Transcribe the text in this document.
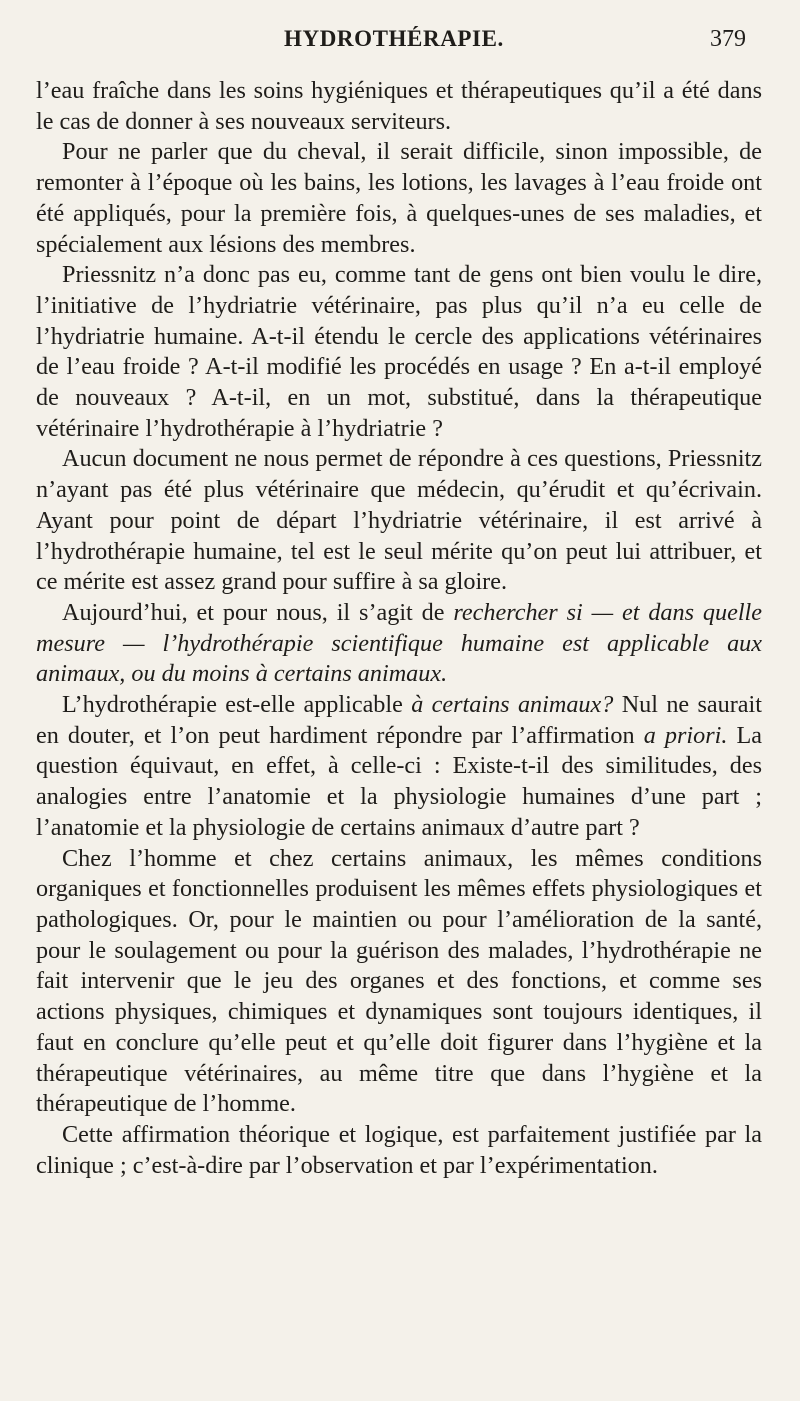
HYDROTHÉRAPIE.	379

l’eau fraîche dans les soins hygiéniques et thérapeutiques qu’il a été dans le cas de donner à ses nouveaux serviteurs.

Pour ne parler que du cheval, il serait difficile, sinon impossible, de remonter à l’époque où les bains, les lotions, les lavages à l’eau froide ont été appliqués, pour la première fois, à quelques-unes de ses maladies, et spécialement aux lésions des membres.

Priessnitz n’a donc pas eu, comme tant de gens ont bien voulu le dire, l’initiative de l’hydriatrie vétérinaire, pas plus qu’il n’a eu celle de l’hydriatrie humaine. A-t-il étendu le cercle des applications vétérinaires de l’eau froide ? A-t-il modifié les procédés en usage ? En a-t-il employé de nouveaux ? A-t-il, en un mot, substitué, dans la thérapeutique vétérinaire l’hydrothérapie à l’hydriatrie ?

Aucun document ne nous permet de répondre à ces questions, Priessnitz n’ayant pas été plus vétérinaire que médecin, qu’érudit et qu’écrivain. Ayant pour point de départ l’hydriatrie vétérinaire, il est arrivé à l’hydrothérapie humaine, tel est le seul mérite qu’on peut lui attribuer, et ce mérite est assez grand pour suffire à sa gloire.

Aujourd’hui, et pour nous, il s’agit de rechercher si — et dans quelle mesure — l’hydrothérapie scientifique humaine est applicable aux animaux, ou du moins à certains animaux.

L’hydrothérapie est-elle applicable à certains animaux? Nul ne saurait en douter, et l’on peut hardiment répondre par l’affirmation a priori. La question équivaut, en effet, à celle-ci : Existe-t-il des similitudes, des analogies entre l’anatomie et la physiologie humaines d’une part ; l’anatomie et la physiologie de certains animaux d’autre part ?

Chez l’homme et chez certains animaux, les mêmes conditions organiques et fonctionnelles produisent les mêmes effets physiologiques et pathologiques. Or, pour le maintien ou pour l’amélioration de la santé, pour le soulagement ou pour la guérison des malades, l’hydrothérapie ne fait intervenir que le jeu des organes et des fonctions, et comme ses actions physiques, chimiques et dynamiques sont toujours identiques, il faut en conclure qu’elle peut et qu’elle doit figurer dans l’hygiène et la thérapeutique vétérinaires, au même titre que dans l’hygiène et la thérapeutique de l’homme.

Cette affirmation théorique et logique, est parfaitement justifiée par la clinique ; c’est-à-dire par l’observation et par l’expérimentation.
